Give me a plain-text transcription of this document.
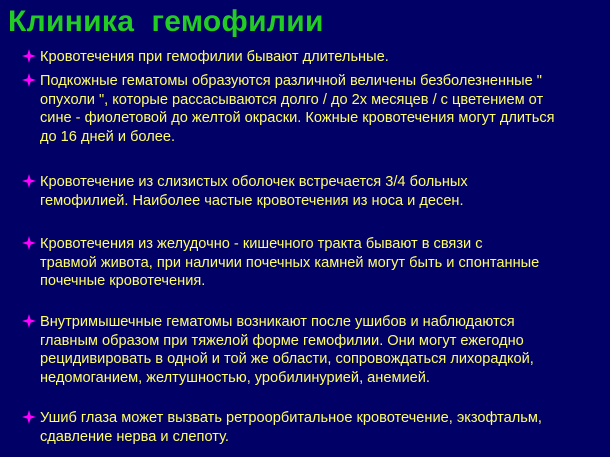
Клиника  гемофилии

Кровотечения при гемофилии бывают длительные.

Подкожные гематомы образуются различной величены безболезненные "
опухоли ", которые рассасываются долго / до 2х месяцев / с цветением от
сине - фиолетовой до желтой окраски. Кожные кровотечения могут длиться
до 16 дней и более.

Кровотечение из слизистых оболочек встречается 3/4 больных
гемофилией. Наиболее частые кровотечения из носа и десен.

Кровотечения из желудочно - кишечного тракта бывают в связи с
травмой живота, при наличии почечных камней могут быть и спонтанные
почечные кровотечения.

Внутримышечные гематомы возникают после ушибов и наблюдаются
главным образом при тяжелой форме гемофилии. Они могут ежегодно
рецидивировать в одной и той же области, сопровождаться лихорадкой,
недомоганием, желтушностью, уробилинурией, анемией.

Ушиб глаза может вызвать ретроорбитальное кровотечение, экзофтальм,
сдавление нерва и слепоту.
